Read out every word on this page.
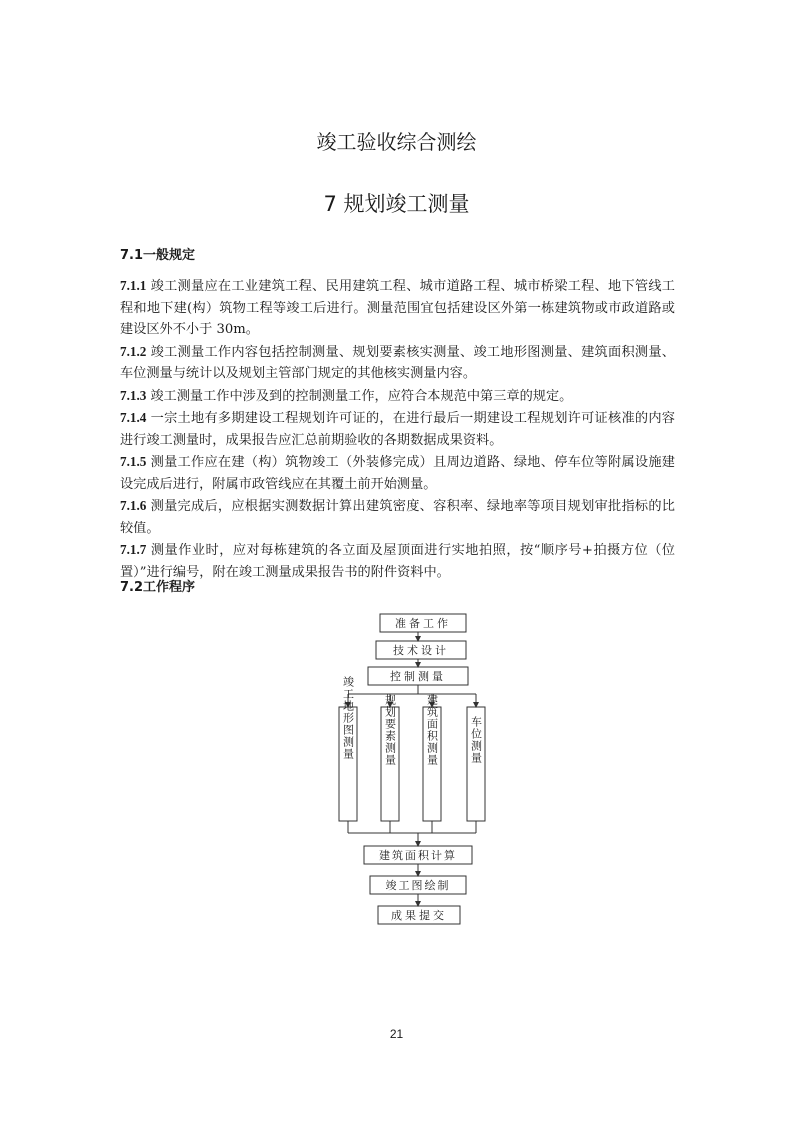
竣工验收综合测绘
7 规划竣工测量
7.1一般规定

7.1.1 竣工测量应在工业建筑工程、民用建筑工程、城市道路工程、城市桥梁工程、地下管线工程和地下建(构）筑物工程等竣工后进行。测量范围宜包括建设区外第一栋建筑物或市政道路或建设区外不小于 30m。

7.1.2 竣工测量工作内容包括控制测量、规划要素核实测量、竣工地形图测量、建筑面积测量、车位测量与统计以及规划主管部门规定的其他核实测量内容。

7.1.3 竣工测量工作中涉及到的控制测量工作，应符合本规范中第三章的规定。

7.1.4 一宗土地有多期建设工程规划许可证的，在进行最后一期建设工程规划许可证核准的内容 进行竣工测量时，成果报告应汇总前期验收的各期数据成果资料。

7.1.5 测量工作应在建（构）筑物竣工（外装修完成）且周边道路、绿地、停车位等附属设施建设完成后进行，附属市政管线应在其覆土前开始测量。

7.1.6 测量完成后，应根据实测数据计算出建筑密度、容积率、绿地率等项目规划审批指标的比较值。

7.1.7 测量作业时，应对每栋建筑的各立面及屋顶面进行实地拍照，按“顺序号+拍摄方位（位置）”进行编号，附在竣工测量成果报告书的附件资料中。

7.2工作程序
准备工作
技术设计
控制测量
建筑面积计算
竣工图绘制
成果提交
竣工地形图测量	规划要素测量	建筑面积测量	车位测量
21
